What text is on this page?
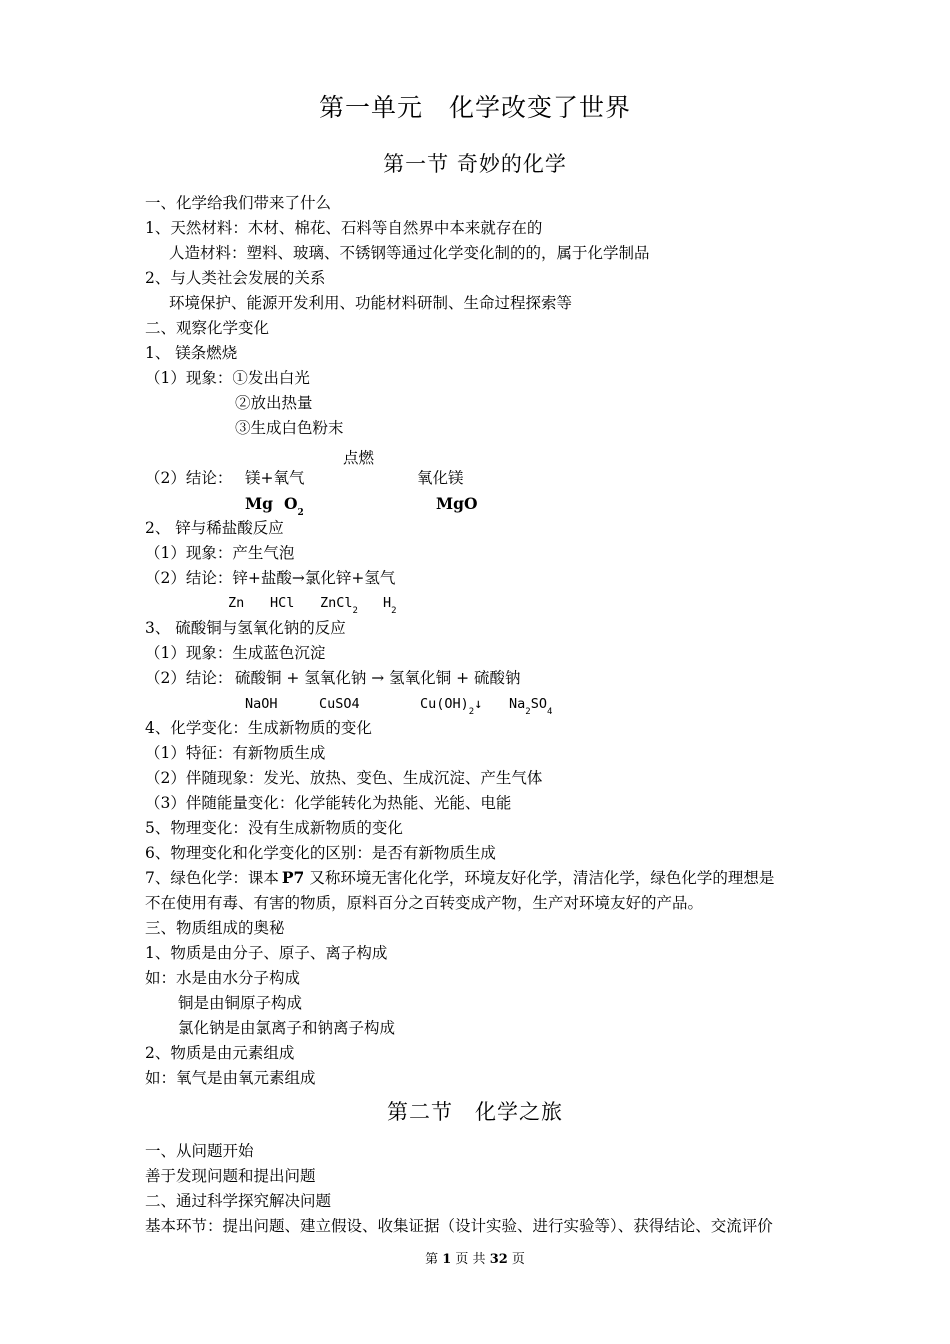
第一单元　化学改变了世界
第一节 奇妙的化学
一、化学给我们带来了什么
1、天然材料：木材、棉花、石料等自然界中本来就存在的
人造材料：塑料、玻璃、不锈钢等通过化学变化制的的，属于化学制品
2、与人类社会发展的关系
环境保护、能源开发利用、功能材料研制、生命过程探索等
二、观察化学变化
1、 镁条燃烧
（1）现象：①发出白光
②放出热量
③生成白色粉末
点燃
（2）结论： 镁+氧气	氧化镁
Mg $O_2$	MgO
2、 锌与稀盐酸反应
（1）现象：产生气泡
（2）结论：锌+盐酸→氯化锌+氢气
Zn HCl ZnCl$_2$ $H_2$
3、 硫酸铜与氢氧化钠的反应
（1）现象：生成蓝色沉淀
（2）结论： 硫酸铜 + 氢氧化钠 → 氢氧化铜 + 硫酸钠
NaOH	CuSO4	$Cu(OH)_2↓$ $Na_2SO_4$
4、化学变化：生成新物质的变化
（1）特征：有新物质生成
（2）伴随现象：发光、放热、变色、生成沉淀、产生气体
（3）伴随能量变化：化学能转化为热能、光能、电能
5、物理变化：没有生成新物质的变化
6、物理变化和化学变化的区别：是否有新物质生成
7、绿色化学：课本 P7 又称环境无害化化学，环境友好化学，清洁化学，绿色化学的理想是
不在使用有毒、有害的物质，原料百分之百转变成产物，生产对环境友好的产品。
三、物质组成的奥秘
1、物质是由分子、原子、离子构成
如：水是由水分子构成
铜是由铜原子构成
氯化钠是由氯离子和钠离子构成
2、物质是由元素组成
如：氧气是由氧元素组成
第二节　化学之旅
一、从问题开始
善于发现问题和提出问题
二、通过科学探究解决问题
基本环节：提出问题、建立假设、收集证据（设计实验、进行实验等）、获得结论、交流评价
第 1 页 共 32 页
